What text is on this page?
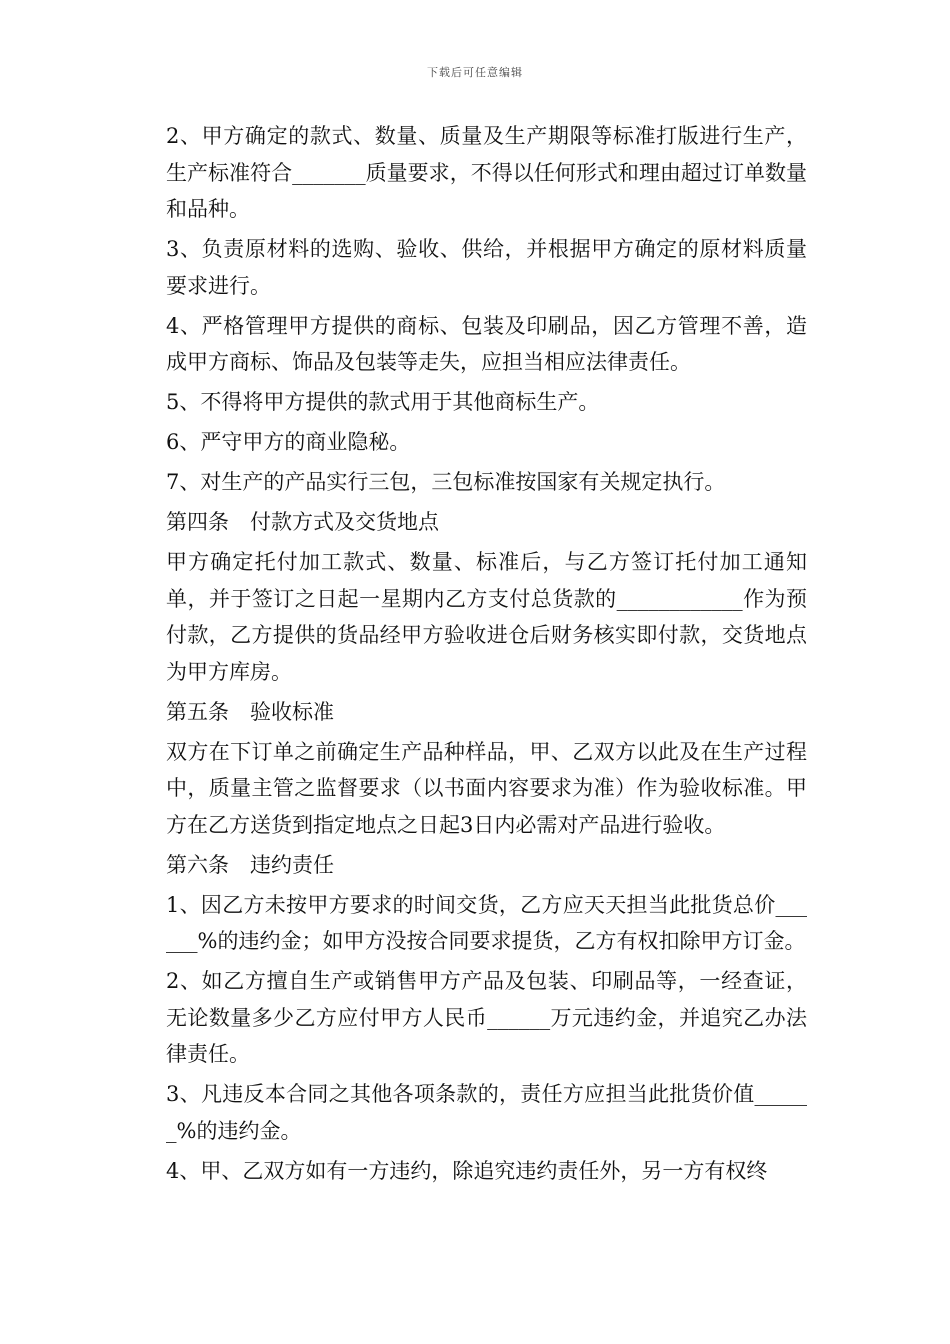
下载后可任意编辑

2、甲方确定的款式、数量、质量及生产期限等标准打版进行生产，生产标准符合_______质量要求，不得以任何形式和理由超过订单数量和品种。

3、负责原材料的选购、验收、供给，并根据甲方确定的原材料质量要求进行。

4、严格管理甲方提供的商标、包装及印刷品，因乙方管理不善，造成甲方商标、饰品及包装等走失，应担当相应法律责任。

5、不得将甲方提供的款式用于其他商标生产。

6、严守甲方的商业隐秘。

7、对生产的产品实行三包，三包标准按国家有关规定执行。

第四条　付款方式及交货地点

甲方确定托付加工款式、数量、标准后，与乙方签订托付加工通知单，并于签订之日起一星期内乙方支付总货款的____________作为预付款，乙方提供的货品经甲方验收进仓后财务核实即付款，交货地点为甲方库房。

第五条　验收标准

双方在下订单之前确定生产品种样品，甲、乙双方以此及在生产过程中，质量主管之监督要求（以书面内容要求为准）作为验收标准。甲方在乙方送货到指定地点之日起3日内必需对产品进行验收。

第六条　违约责任

1、因乙方未按甲方要求的时间交货，乙方应天天担当此批货总价______%的违约金；如甲方没按合同要求提货，乙方有权扣除甲方订金。

2、如乙方擅自生产或销售甲方产品及包装、印刷品等，一经查证，无论数量多少乙方应付甲方人民币______万元违约金，并追究乙办法律责任。

3、凡违反本合同之其他各项条款的，责任方应担当此批货价值______%的违约金。

4、甲、乙双方如有一方违约，除追究违约责任外，另一方有权终
